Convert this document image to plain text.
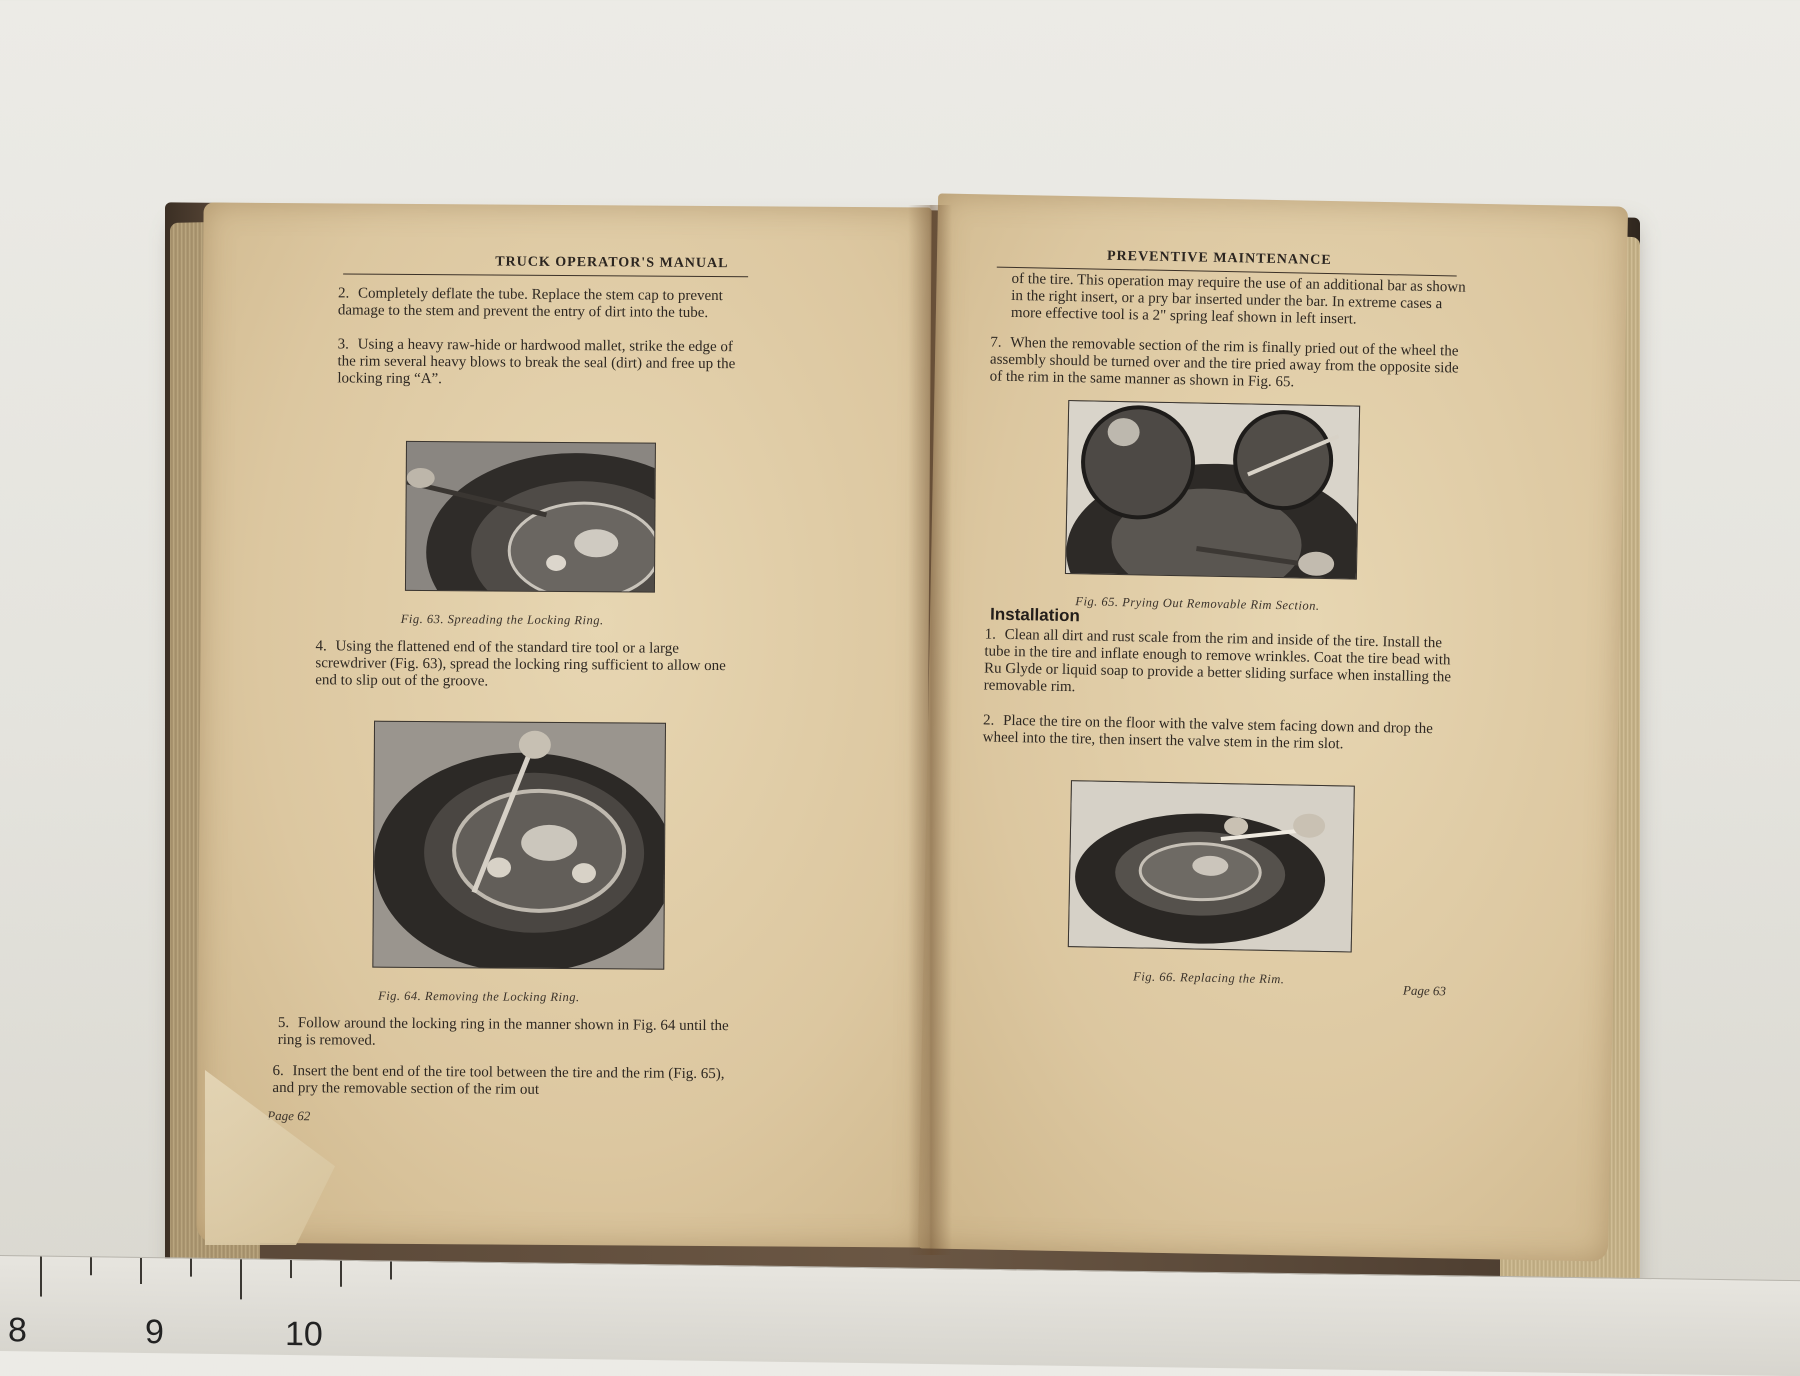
TRUCK OPERATOR'S MANUAL
2. Completely deflate the tube. Replace the stem cap to prevent damage to the stem and prevent the entry of dirt into the tube.
3. Using a heavy raw-hide or hardwood mallet, strike the edge of the rim several heavy blows to break the seal (dirt) and free up the locking ring “A”.
Fig. 63. Spreading the Locking Ring.
4. Using the flattened end of the standard tire tool or a large screwdriver (Fig. 63), spread the locking ring sufficient to allow one end to slip out of the groove.
Fig. 64. Removing the Locking Ring.
5. Follow around the locking ring in the manner shown in Fig. 64 until the ring is removed.
6. Insert the bent end of the tire tool between the tire and the rim (Fig. 65), and pry the removable section of the rim out
Page 62
PREVENTIVE MAINTENANCE
of the tire. This operation may require the use of an additional bar as shown in the right insert, or a pry bar inserted under the bar. In extreme cases a more effective tool is a 2" spring leaf shown in left insert.
7. When the removable section of the rim is finally pried out of the wheel the assembly should be turned over and the tire pried away from the opposite side of the rim in the same manner as shown in Fig. 65.
Fig. 65. Prying Out Removable Rim Section.
Installation
1. Clean all dirt and rust scale from the rim and inside of the tire. Install the tube in the tire and inflate enough to remove wrinkles. Coat the tire bead with Ru Glyde or liquid soap to provide a better sliding surface when installing the removable rim.
2. Place the tire on the floor with the valve stem facing down and drop the wheel into the tire, then insert the valve stem in the rim slot.
Fig. 66. Replacing the Rim.
Page 63
8	9	10
